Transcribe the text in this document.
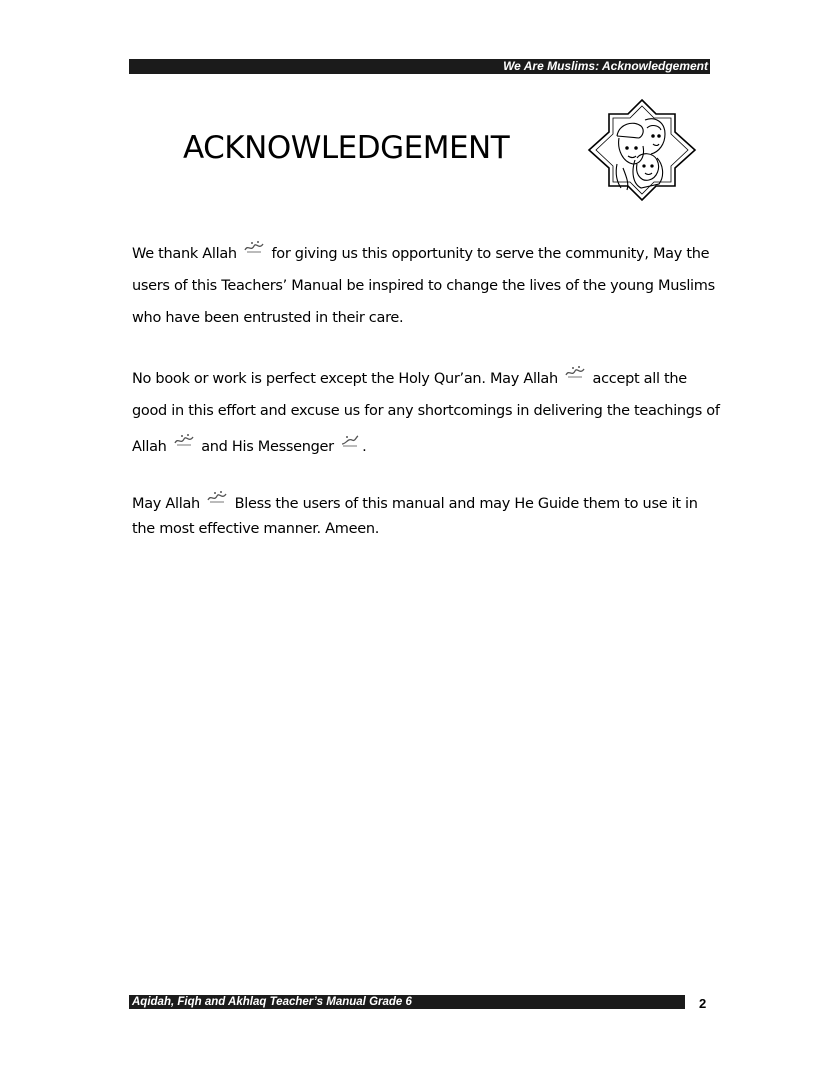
We Are Muslims: Acknowledgement
ACKNOWLEDGEMENT

We thank Allah for giving us this opportunity to serve the community, May the users of this Teachers’ Manual be inspired to change the lives of the young Muslims who have been entrusted in their care.

No book or work is perfect except the Holy Qur’an. May Allah accept all the good in this effort and excuse us for any shortcomings in delivering the teachings of Allah and His Messenger .

May Allah Bless the users of this manual and may He Guide them to use it in the most effective manner. Ameen.

Aqidah, Fiqh and Akhlaq Teacher’s Manual Grade 6	2
